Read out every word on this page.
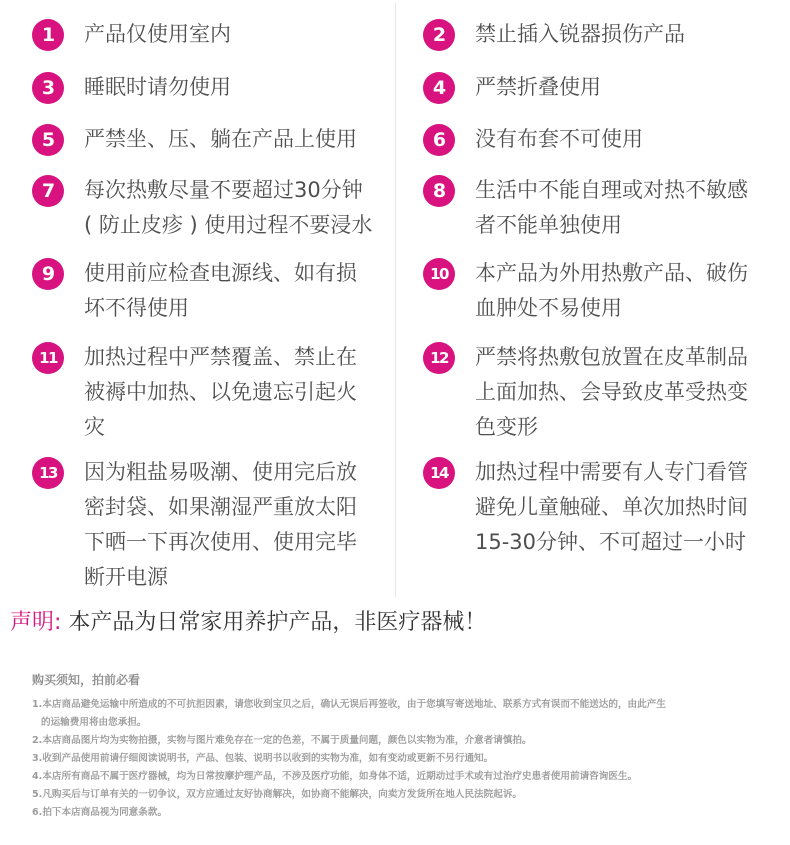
1	产品仅使用室内
3	睡眠时请勿使用
5	严禁坐、压、躺在产品上使用
7	每次热敷尽量不要超过30分钟
( 防止皮疹 ) 使用过程不要浸水
9	使用前应检查电源线、如有损
坏不得使用
11	加热过程中严禁覆盖、禁止在
被褥中加热、以免遗忘引起火
灾
13	因为粗盐易吸潮、使用完后放
密封袋、如果潮湿严重放太阳
下晒一下再次使用、使用完毕
断开电源
2	禁止插入锐器损伤产品
4	严禁折叠使用
6	没有布套不可使用
8	生活中不能自理或对热不敏感
者不能单独使用
10	本产品为外用热敷产品、破伤
血肿处不易使用
12	严禁将热敷包放置在皮革制品
上面加热、会导致皮革受热变
色变形
14	加热过程中需要有人专门看管
避免儿童触碰、单次加热时间
15-30分钟、不可超过一小时
声明: 本产品为日常家用养护产品，非医疗器械！
购买须知，拍前必看
1.本店商品避免运输中所造成的不可抗拒因素，请您收到宝贝之后，确认无误后再签收，由于您填写寄送地址、联系方式有误而不能送达的，由此产生
的运输费用将由您承担。
2.本店商品图片均为实物拍摄，实物与图片难免存在一定的色差，不属于质量问题，颜色以实物为准，介意者请慎拍。
3.收到产品使用前请仔细阅读说明书，产品、包装、说明书以收到的实物为准，如有变动或更新不另行通知。
4.本店所有商品不属于医疗器械，均为日常按摩护理产品，不涉及医疗功能，如身体不适，近期动过手术或有过治疗史患者使用前请咨询医生。
5.凡购买后与订单有关的一切争议，双方应通过友好协商解决，如协商不能解决，向卖方发货所在地人民法院起诉。
6.拍下本店商品视为同意条款。
